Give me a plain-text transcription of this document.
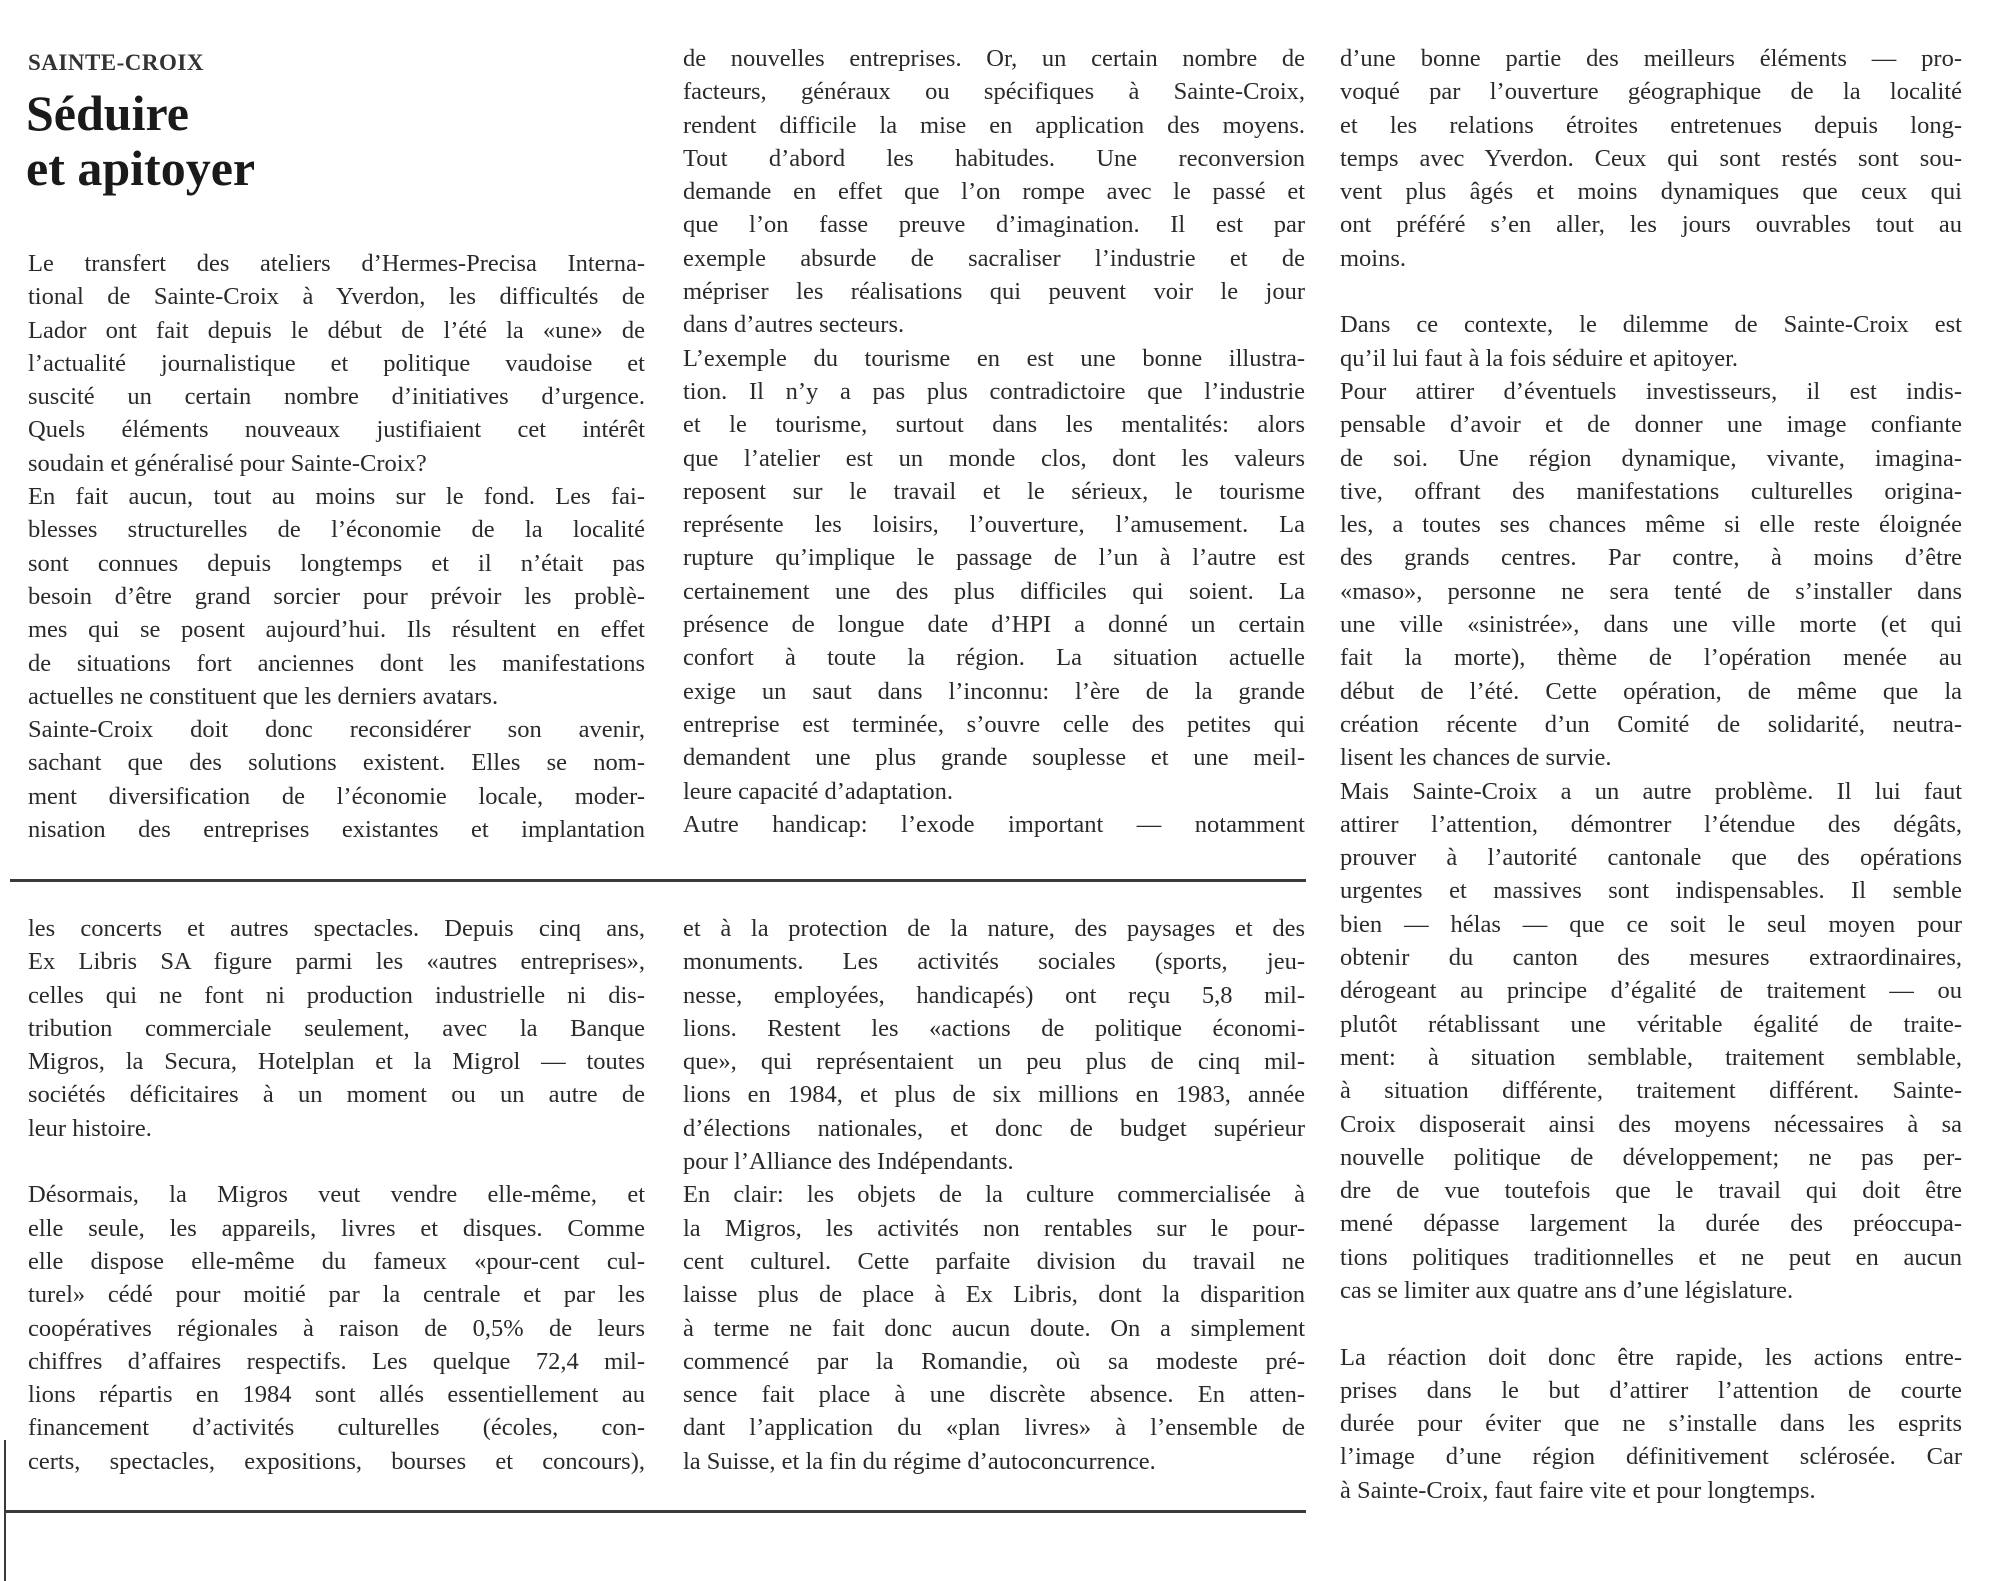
SAINTE-CROIX
Séduire
et apitoyer
Le transfert des ateliers d’Hermes-Precisa Interna-
tional de Sainte-Croix à Yverdon, les difficultés de
Lador ont fait depuis le début de l’été la «une» de
l’actualité journalistique et politique vaudoise et
suscité un certain nombre d’initiatives d’urgence.
Quels éléments nouveaux justifiaient cet intérêt
soudain et généralisé pour Sainte-Croix?
En fait aucun, tout au moins sur le fond. Les fai-
blesses structurelles de l’économie de la localité
sont connues depuis longtemps et il n’était pas
besoin d’être grand sorcier pour prévoir les problè-
mes qui se posent aujourd’hui. Ils résultent en effet
de situations fort anciennes dont les manifestations
actuelles ne constituent que les derniers avatars.
Sainte-Croix doit donc reconsidérer son avenir,
sachant que des solutions existent. Elles se nom-
ment diversification de l’économie locale, moder-
nisation des entreprises existantes et implantation
de nouvelles entreprises. Or, un certain nombre de
facteurs, généraux ou spécifiques à Sainte-Croix,
rendent difficile la mise en application des moyens.
Tout d’abord les habitudes. Une reconversion
demande en effet que l’on rompe avec le passé et
que l’on fasse preuve d’imagination. Il est par
exemple absurde de sacraliser l’industrie et de
mépriser les réalisations qui peuvent voir le jour
dans d’autres secteurs.
L’exemple du tourisme en est une bonne illustra-
tion. Il n’y a pas plus contradictoire que l’industrie
et le tourisme, surtout dans les mentalités: alors
que l’atelier est un monde clos, dont les valeurs
reposent sur le travail et le sérieux, le tourisme
représente les loisirs, l’ouverture, l’amusement. La
rupture qu’implique le passage de l’un à l’autre est
certainement une des plus difficiles qui soient. La
présence de longue date d’HPI a donné un certain
confort à toute la région. La situation actuelle
exige un saut dans l’inconnu: l’ère de la grande
entreprise est terminée, s’ouvre celle des petites qui
demandent une plus grande souplesse et une meil-
leure capacité d’adaptation.
Autre handicap: l’exode important — notamment
d’une bonne partie des meilleurs éléments — pro-
voqué par l’ouverture géographique de la localité
et les relations étroites entretenues depuis long-
temps avec Yverdon. Ceux qui sont restés sont sou-
vent plus âgés et moins dynamiques que ceux qui
ont préféré s’en aller, les jours ouvrables tout au
moins.
Dans ce contexte, le dilemme de Sainte-Croix est
qu’il lui faut à la fois séduire et apitoyer.
Pour attirer d’éventuels investisseurs, il est indis-
pensable d’avoir et de donner une image confiante
de soi. Une région dynamique, vivante, imagina-
tive, offrant des manifestations culturelles origina-
les, a toutes ses chances même si elle reste éloignée
des grands centres. Par contre, à moins d’être
«maso», personne ne sera tenté de s’installer dans
une ville «sinistrée», dans une ville morte (et qui
fait la morte), thème de l’opération menée au
début de l’été. Cette opération, de même que la
création récente d’un Comité de solidarité, neutra-
lisent les chances de survie.
Mais Sainte-Croix a un autre problème. Il lui faut
attirer l’attention, démontrer l’étendue des dégâts,
prouver à l’autorité cantonale que des opérations
urgentes et massives sont indispensables. Il semble
bien — hélas — que ce soit le seul moyen pour
obtenir du canton des mesures extraordinaires,
dérogeant au principe d’égalité de traitement — ou
plutôt rétablissant une véritable égalité de traite-
ment: à situation semblable, traitement semblable,
à situation différente, traitement différent. Sainte-
Croix disposerait ainsi des moyens nécessaires à sa
nouvelle politique de développement; ne pas per-
dre de vue toutefois que le travail qui doit être
mené dépasse largement la durée des préoccupa-
tions politiques traditionnelles et ne peut en aucun
cas se limiter aux quatre ans d’une législature.
La réaction doit donc être rapide, les actions entre-
prises dans le but d’attirer l’attention de courte
durée pour éviter que ne s’installe dans les esprits
l’image d’une région définitivement sclérosée. Car
à Sainte-Croix, faut faire vite et pour longtemps.
les concerts et autres spectacles. Depuis cinq ans,
Ex Libris SA figure parmi les «autres entreprises»,
celles qui ne font ni production industrielle ni dis-
tribution commerciale seulement, avec la Banque
Migros, la Secura, Hotelplan et la Migrol — toutes
sociétés déficitaires à un moment ou un autre de
leur histoire.
Désormais, la Migros veut vendre elle-même, et
elle seule, les appareils, livres et disques. Comme
elle dispose elle-même du fameux «pour-cent cul-
turel» cédé pour moitié par la centrale et par les
coopératives régionales à raison de 0,5% de leurs
chiffres d’affaires respectifs. Les quelque 72,4 mil-
lions répartis en 1984 sont allés essentiellement au
financement d’activités culturelles (écoles, con-
certs, spectacles, expositions, bourses et concours),
et à la protection de la nature, des paysages et des
monuments. Les activités sociales (sports, jeu-
nesse, employées, handicapés) ont reçu 5,8 mil-
lions. Restent les «actions de politique économi-
que», qui représentaient un peu plus de cinq mil-
lions en 1984, et plus de six millions en 1983, année
d’élections nationales, et donc de budget supérieur
pour l’Alliance des Indépendants.
En clair: les objets de la culture commercialisée à
la Migros, les activités non rentables sur le pour-
cent culturel. Cette parfaite division du travail ne
laisse plus de place à Ex Libris, dont la disparition
à terme ne fait donc aucun doute. On a simplement
commencé par la Romandie, où sa modeste pré-
sence fait place à une discrète absence. En atten-
dant l’application du «plan livres» à l’ensemble de
la Suisse, et la fin du régime d’autoconcurrence.
